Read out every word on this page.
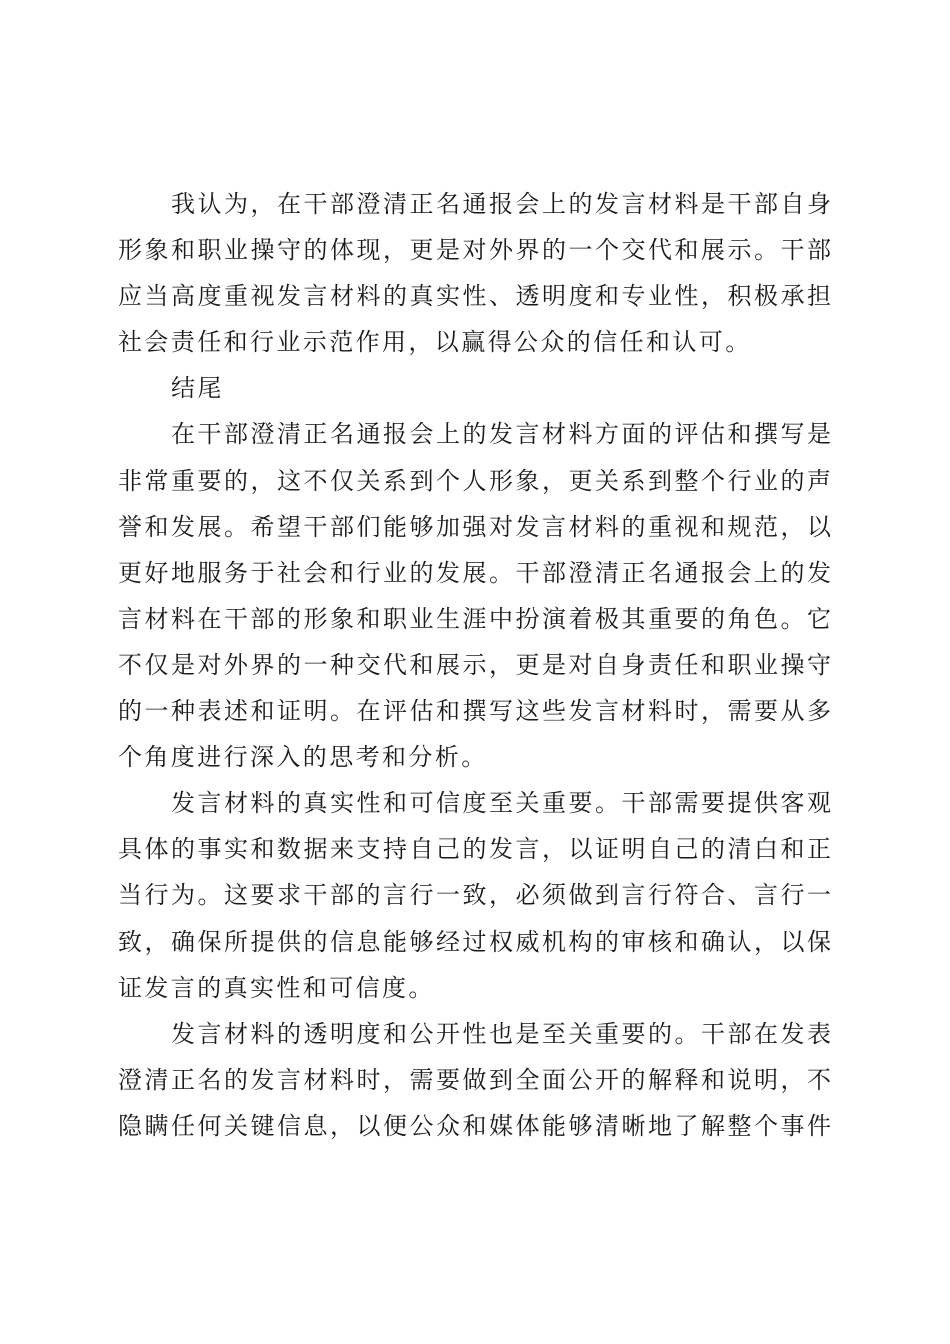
我认为，在干部澄清正名通报会上的发言材料是干部自身
形象和职业操守的体现，更是对外界的一个交代和展示。干部
应当高度重视发言材料的真实性、透明度和专业性，积极承担
社会责任和行业示范作用，以赢得公众的信任和认可。
结尾
在干部澄清正名通报会上的发言材料方面的评估和撰写是
非常重要的，这不仅关系到个人形象，更关系到整个行业的声
誉和发展。希望干部们能够加强对发言材料的重视和规范，以
更好地服务于社会和行业的发展。干部澄清正名通报会上的发
言材料在干部的形象和职业生涯中扮演着极其重要的角色。它
不仅是对外界的一种交代和展示，更是对自身责任和职业操守
的一种表述和证明。在评估和撰写这些发言材料时，需要从多
个角度进行深入的思考和分析。
发言材料的真实性和可信度至关重要。干部需要提供客观
具体的事实和数据来支持自己的发言，以证明自己的清白和正
当行为。这要求干部的言行一致，必须做到言行符合、言行一
致，确保所提供的信息能够经过权威机构的审核和确认，以保
证发言的真实性和可信度。
发言材料的透明度和公开性也是至关重要的。干部在发表
澄清正名的发言材料时，需要做到全面公开的解释和说明，不
隐瞒任何关键信息，以便公众和媒体能够清晰地了解整个事件
